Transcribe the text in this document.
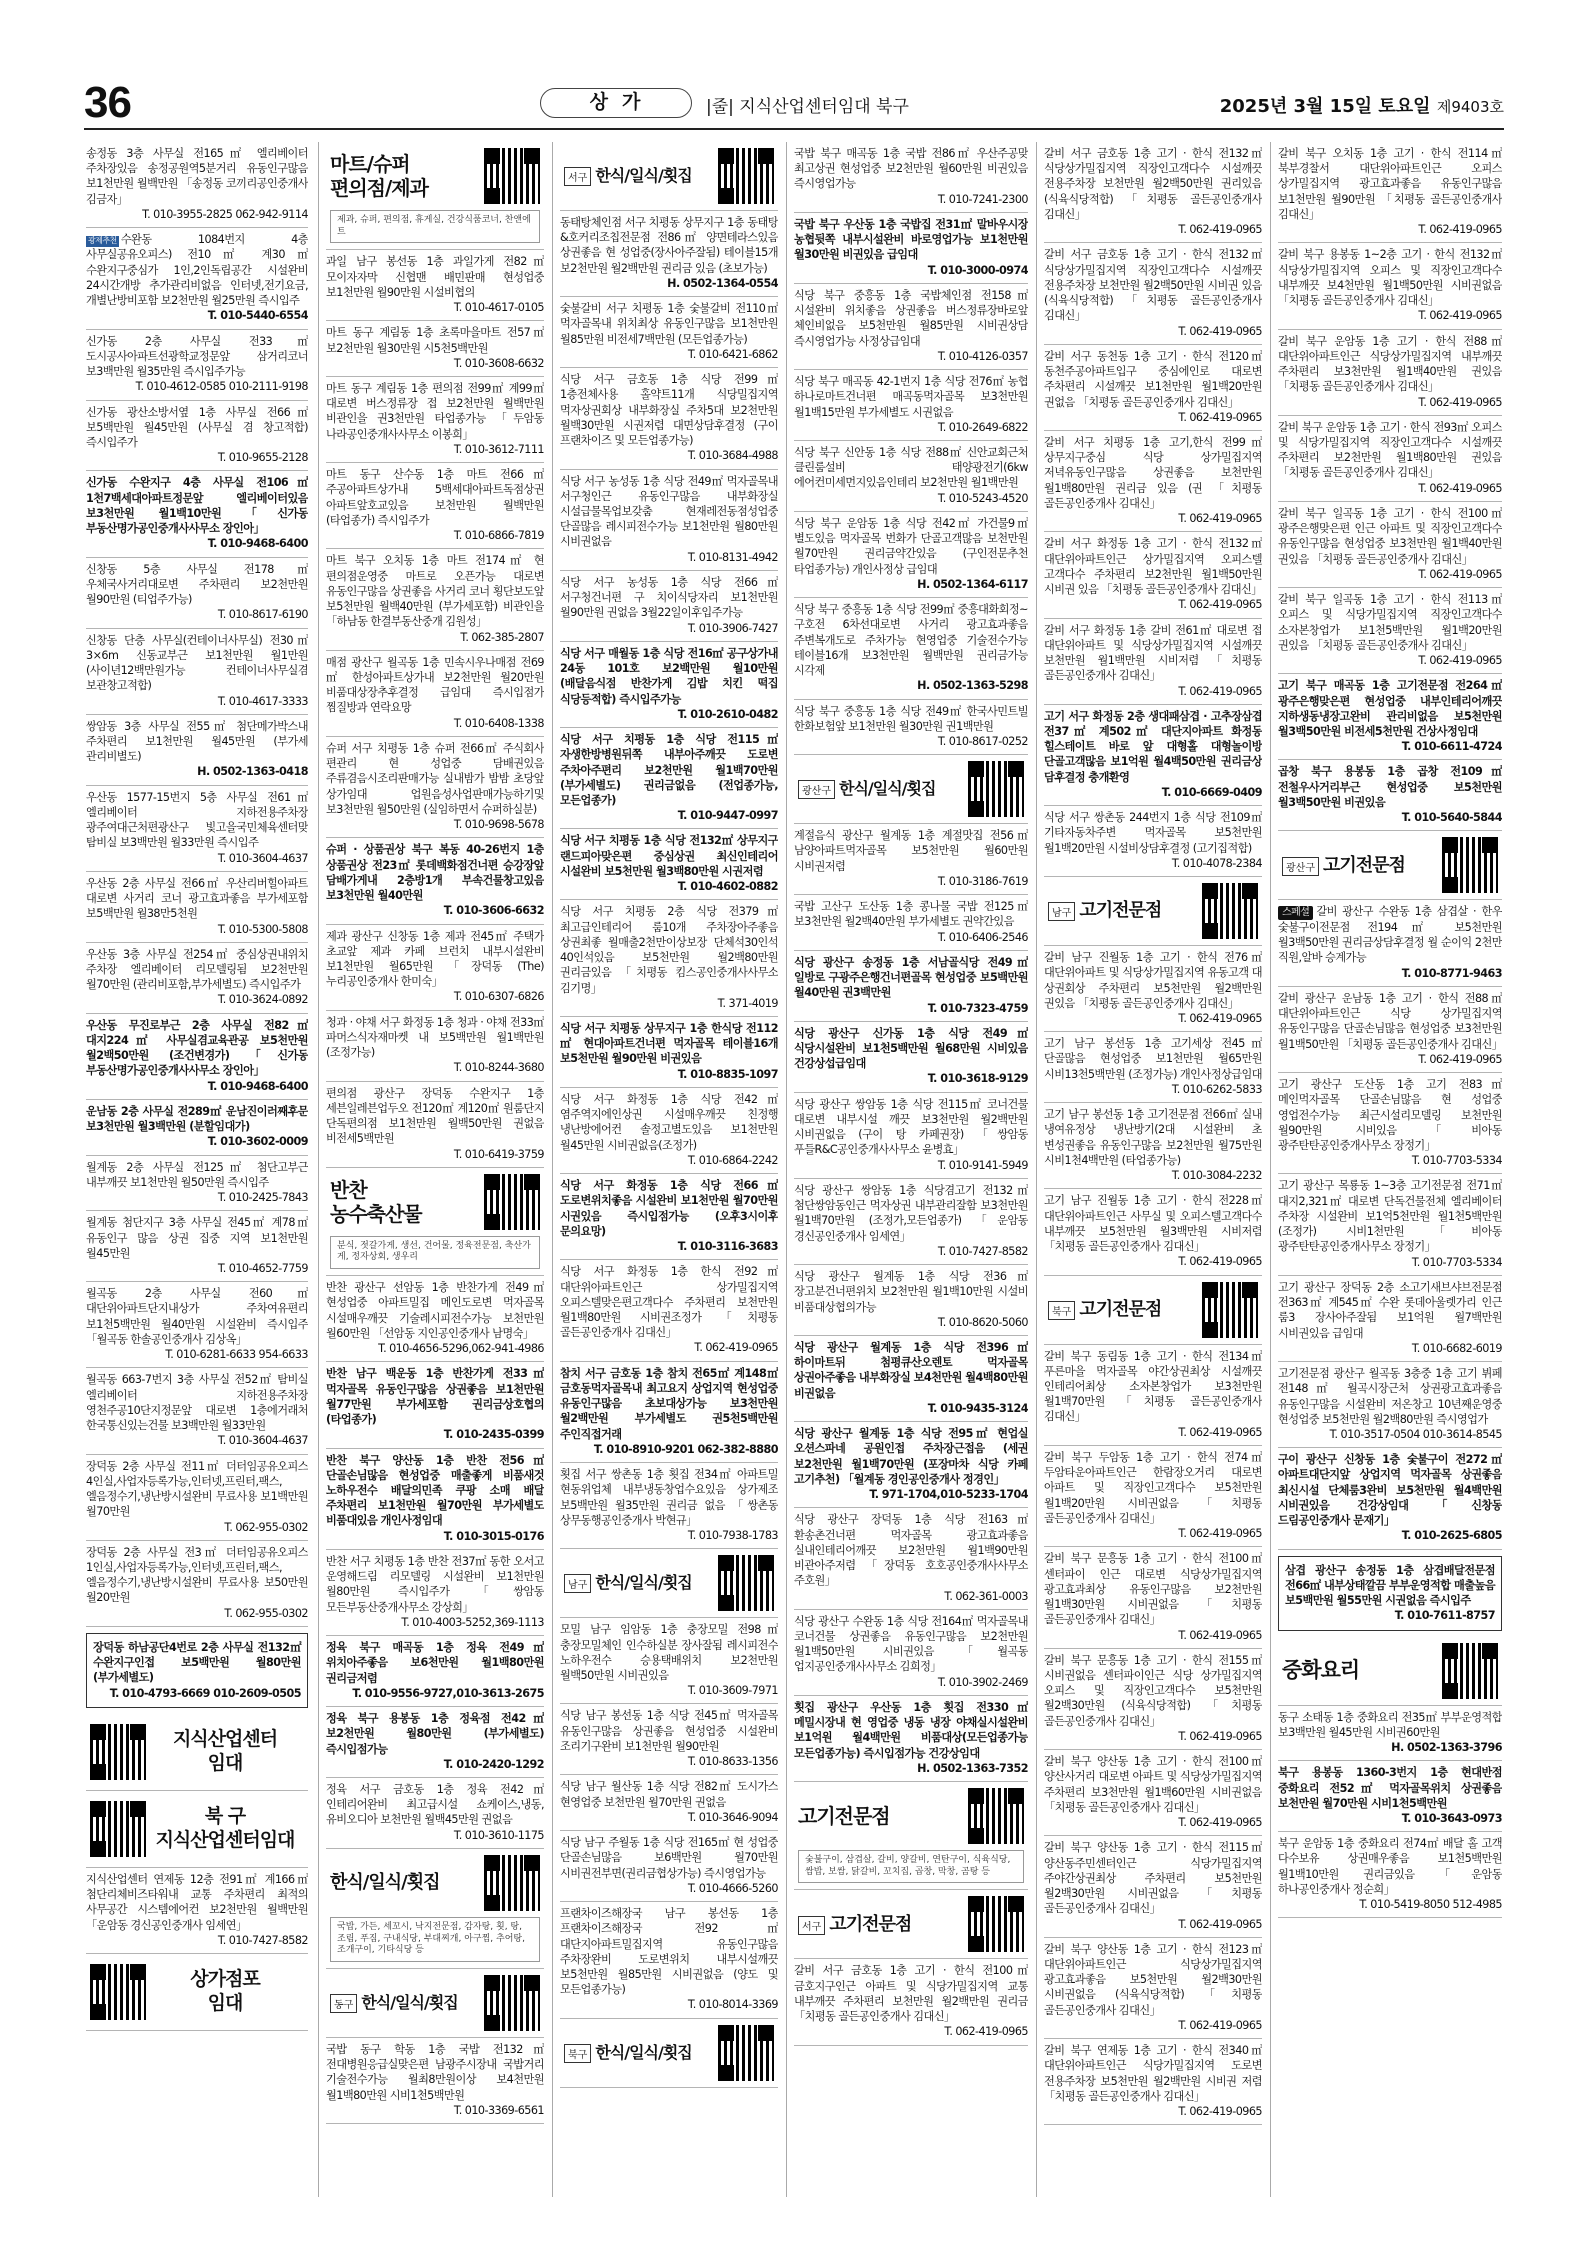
36	상가	|줄| 지식산업센터임대 북구	2025년 3월 15일 토요일 제9403호
송정동 3층 사무실 전165㎡ 엘리베이터 주차장있음 송정공원역5분거리 유동인구많음 보1천만원 월백만원 「송정동 코끼리공인중개사 김금자」
T. 010-3955-2825 062-942-9114
광제추천 수완동 1084번지 4층 사무실공유오피스) 전10㎡ 계30㎡ 수완지구중심가 1인,2인독립공간 시설완비 24시간개방 추가관리비없음 인터넷,전기요금,개별난방비포함 보2천만원 월25만원 즉시입주
T. 010-5440-6554
신가동 2층 사무실 전33㎡ 도시공사아파트선광학교정문앞 삼거리코너 보3백만원 월35만원 즉시입주가능
T. 010-4612-0585 010-2111-9198
신가동 광산소방서옆 1층 사무실 전66㎡ 보5백만원 월45만원 (사무실 겸 창고적합) 즉시입주가
T. 010-9655-2128
신가동 수완지구 4층 사무실 전106㎡ 1천7백세대아파트정문앞 엘리베이터있음 보3천만원 월1백10만원 「신가동 부동산명가공인중개사사무소 장인아」
T. 010-9468-6400
신창동 5층 사무실 전178㎡ 우체국사거리대로변 주차편리 보2천만원 월90만원 (티업주가능)
T. 010-8617-6190
신창동 단층 사무실(컨테이너사무실) 전30㎡ 3×6m 신동교부근 보1천만원 월1만원 (사이년12백만원가능 컨테이너사무실겸 보관창고적합)
T. 010-4617-3333
쌍암동 3층 사무실 전55㎡ 첨단메가박스내 주차편리 보1천만원 월45만원 (부가세 관리비별도)
H. 0502-1363-0418
우산동 1577-15번지 5층 사무실 전61㎡ 엘리베이터 지하전용주차장 광주여대근처편광산구 빛고을국민체육센터맞 탐비실 보3백만원 월33만원 즉시입주
T. 010-3604-4637
우산동 2층 사무실 전66㎡ 우산리버힐아파트 대로변 사거리 코너 광고효과좋음 부가세포함 보5백만원 월38만5천원
T. 010-5300-5808
우산동 3층 사무실 전254㎡ 중심상권내위치 주차장 엘리베이터 리모델링됨 보2천만원 월70만원 (관리비포함,부가세별도) 즉시입주가
T. 010-3624-0892
우산동 무진로부근 2층 사무실 전82㎡ 대지224㎡ 사무실겸교육관공 보5천만원 월2백50만원 (조건변경가) 「신가동 부동산명가공인중개사사무소 장인아」
T. 010-9468-6400
운남동 2층 사무실 전289㎡ 운남진이러째후문 보3천만원 월3백만원 (분할임대가)
T. 010-3602-0009
월계동 2층 사무실 전125㎡ 첨단고부근 내부깨끗 보1천만원 월50만원 즉시입주
T. 010-2425-7843
월계동 첨단지구 3층 사무실 전45㎡ 계78㎡ 유동인구 많음 상권 집중 지역 보1천만원 월45만원
T. 010-4652-7759
월곡동 2층 사무실 전60㎡ 대단위아파트단지내상가 주차여유편리 보1천5백만원 월40만원 시설완비 즉시입주 「월곡동 한솔공인중개사 김상옥」
T. 010-6281-6633 954-6633
월곡동 663-7번지 3층 사무실 전52㎡ 탐비실 엘리베이터 지하전용주차장 영천주공10단지정문앞 대로변 1층에거래처 한국통신있는건물 보3백만원 월33만원
T. 010-3604-4637
장덕동 2층 사무실 전11㎡ 더터임공유오피스 4인실,사업자등록가능,인터넷,프린터,팩스,엘음정수기,냉난방시설완비 무료사용 보1백만원 월70만원
T. 062-955-0302
장덕동 2층 사무실 전3㎡ 더터임공유오피스 1인실,사업자등록가능,인터넷,프린터,팩스,엘음정수기,냉난방시설완비 무료사용 보50만원 월20만원
T. 062-955-0302
장덕동 하남공단4번로 2층 사무실 전132㎡ 수완지구인접 보5백만원 월80만원 (부가세별도)
T. 010-4793-6669 010-2609-0505
지식산업센터
임대
북 구
지식산업센터임대
지식산업센터 연제동 12층 전91㎡ 계166㎡ 첨단리체비즈타워내 교통 주차편리 최적의 사무공간 시스템에어컨 보2천만원 월백만원 「운암동 경신공인중개사 임세연」
T. 010-7427-8582
상가점포
임대
마트/슈퍼
편의점/제과
제과, 슈퍼, 편의점, 휴게실, 건강식품코너, 찬앤에트
과일 남구 봉선동 1층 과일가게 전82㎡ 모이자자막 신협맨 배민판매 현성업중 보1천만원 월90만원 시설비협의
T. 010-4617-0105
마트 동구 계림동 1층 초록마을마트 전57㎡ 보2천만원 월30만원 시5천5백만원
T. 010-3608-6632
마트 동구 계림동 1층 편의점 전99㎡ 계99㎡ 대로변 버스정류장 접 보2천만원 월백만원 비관인을 권3천만원 타업종가능 「두암동 나라공인중개사사무소 이봉희」
T. 010-3612-7111
마트 동구 산수동 1층 마트 전66㎡ 주공아파트상가내 5백세대아파트독점상권 아파트앞호교있음 보천만원 월백만원 (타업종가) 즉시입주가
T. 010-6866-7819
마트 북구 오치동 1층 마트 전174㎡ 현 편의점운영중 마트로 오픈가능 대로변 유동인구많음 상권좋음 사거리 코너 횡단보도앞 보5천만원 월백40만원 (부가세포함) 비관인을 「하남동 한결부동산중개 김원성」
T. 062-385-2807
매점 광산구 월곡동 1층 민속시우나매점 전69㎡ 한성아파트상가내 보2천만원 월20만원 비품대상장추후결정 급임대 즉시입점가 찜질방과 연락요망
T. 010-6408-1338
슈퍼 서구 치평동 1층 슈퍼 전66㎡ 주식회사 편관리 현 성업중 담배권있음 주류겸음시조리판매가능 실내밤가 밤밤 초당앞 상가임대 업원음성사업판매가능하기및 보3천만원 월50만원 (실임하면서 슈퍼하실분)
T. 010-9698-5678
슈퍼 · 상품권상 북구 복동 40-26번지 1층 상품권상 전23㎡ 롯데백화점건너편 승강장앞 담배가게내 2층방1개 부속건물창고있음 보3천만원 월40만원
T. 010-3606-6632
제과 광산구 신창동 1층 제과 전45㎡ 주택가 초교앞 제과 카페 브런치 내부시설완비 보1천만원 월65만원 「장덕동 (The)누리공인중개사 한미숙」
T. 010-6307-6826
청과 · 야채 서구 화정동 1층 청과 · 야채 전33㎡ 파머스식자재마켓 내 보5백만원 월1백만원 (조정가능)
T. 010-8244-3680
편의점 광산구 장덕동 수완지구 1층 세븐일레븐업두오 전120㎡ 계120㎡ 원룸단지 단독편의점 보1천만원 월백50만원 권없음 비전세5백만원
T. 010-6419-3759
반찬
농수축산물
분식, 젓갈가게, 생선, 건어물, 정육전문점, 축산가게, 정자상회, 생우리
반찬 광산구 선암동 1층 반찬가게 전49㎡ 현성업중 아파트밀집 메인도로변 먹자골목 시설매우깨끗 기술레시피전수가능 보천만원 월60만원 「선암동 지인공인중개사 남명숙」
T. 010-4656-5296,062-941-4986
반찬 남구 백운동 1층 반찬가게 전33㎡ 먹자골목 유동인구많음 상권좋음 보1천만원 월77만원 부가세포함 권리금상호협의 (타업종가)
T. 010-2435-0399
반찬 북구 양산동 1층 반찬 전56㎡ 단골손님많음 현성업중 매출좋게 비품새것 노하우전수 배달의민족 쿠팡 소매 배달 주차편리 보1천만원 월70만원 부가세별도 비품대있음 개인사정임대
T. 010-3015-0176
반찬 서구 치평동 1층 반찬 전37㎡ 동한 오서고 운영해드림 리모델링 시설완비 보1천만원 월80만원 즉시입주가 「쌍암동 모든부동산중개사무소 강상희」
T. 010-4003-5252,369-1113
정육 북구 매곡동 1층 정육 전49㎡ 위치아주좋음 보6천만원 월1백80만원 권리금저렴
T. 010-9556-9727,010-3613-2675
정육 북구 용봉동 1층 정육점 전42㎡ 보2천만원 월80만원 (부가세별도) 즉시입점가능
T. 010-2420-1292
정육 서구 금호동 1층 정육 전42㎡ 인테리어완비 최고급시설 쇼케이스,냉동,유비오디아 보천만원 월백45만원 권없음
T. 010-3610-1175
한식/일식/횟집
국밥, 가든, 세꼬시, 낙지전문점, 감자탕, 횟, 탕, 조림, 푸짐, 구내식당, 부대찌개, 아구찜, 추어탕, 조개구이, 기타식당 등
동구 한식/일식/횟집
국밥 동구 학동 1층 국밥 전132㎡ 전대병원응급실맞은편 남광주시장내 국밥거리 기술전수가능 월최8만원이상 보4천만원 월1백80만원 시비1천5백만원
T. 010-3369-6561
서구 한식/일식/횟집
동태탕체인점 서구 치평동 상무지구 1층 동태탕&호커리조칩전문점 전86㎡ 양면테라스있음 상권좋음 현 성업중(장사아주잘됨) 테이블15개 보2천만원 월2백만원 권리금 있음 (초보가능)
H. 0502-1364-0554
숯불갈비 서구 치평동 1층 숯불갈비 전110㎡ 먹자골목내 위치최상 유동인구많음 보1천만원 월85만원 비전세7백만원 (모든업종가능)
T. 010-6421-6862
식당 서구 금호동 1층 식당 전99㎡ 1층전체사용 홀약트11개 식당밀집지역 먹자상권회상 내부화장실 주차5대 보2천만원 월백30만원 시권저렴 대면상담후결정 (구이 프랜차이즈 및 모든업종가능)
T. 010-3684-4988
식당 서구 농성동 1층 식당 전49㎡ 먹자골목내 서구청인근 유동인구많음 내부화장실 시설급물목업보갖춤 현재레전동점성업중 단골많음 레시피전수가능 보1천만원 월80만원 시비권없음
T. 010-8131-4942
식당 서구 농성동 1층 식당 전66㎡ 서구청건너편 구 치이식당자리 보1천만원 월90만원 권없음 3월22일이후입주가능
T. 010-3906-7427
식당 서구 매월동 1층 식당 전16㎡ 공구상가내 24동 101호 보2백만원 월10만원 (배달음식점 반찬가게 김밥 치킨 떡집 식당등적합) 즉시입주가능
T. 010-2610-0482
식당 서구 치평동 1층 식당 전115㎡ 자생한방병원뒤쪽 내부아주깨끗 도로변 주차아주편리 보2천만원 월1백70만원 (부가세별도) 권리금없음 (전업종가능, 모든업종가)
T. 010-9447-0997
식당 서구 치평동 1층 식당 전132㎡ 상무지구 랜드피아맞은편 중심상권 최신인테리어 시설완비 보5천만원 월3백80만원 시권저렴
T. 010-4602-0882
식당 서구 치평동 2층 식당 전379㎡ 최고급인테리어 룸10개 주차장아주좋음 상권최좋 월매출2천만이상보장 단체석30인석 40인석있음 보5천만원 월2백80만원 권리금있음 「치평동 킴스공인중개사사무소 김기명」
T. 371-4019
식당 서구 치평동 상무지구 1층 한식당 전112㎡ 현대아파트건너편 먹자골목 테이블16개 보5천만원 월90만원 비권있음
T. 010-8835-1097
식당 서구 화정동 1층 식당 전42㎡ 염주역지에인상권 시설매우깨끗 친정행 냉난방에어컨 솔정고별도있음 보1천만원 월45만원 시비권없음(조정가)
T. 010-6864-2242
식당 서구 화정동 1층 식당 전66㎡ 도로변위치좋음 시설완비 보1천만원 월70만원 시권있음 즉시입점가능 (오후3시이후 문의요망)
T. 010-3116-3683
식당 서구 화정동 1층 한식 전92㎡ 대단위아파트인근 상가밀집지역 오피스텔맞은편고객다수 주차편리 보천만원 월1백80만원 시비권조정가 「치평동 골든공인중개사 김대신」
T. 062-419-0965
참치 서구 금호동 1층 참치 전65㎡ 계148㎡ 금호동먹자골목내 최고요지 상업지역 현성업중 유동인구많음 초보대상가능 보3천만원 월2백만원 부가세별도 권5천5백만원 주인직접거래
T. 010-8910-9201 062-382-8880
횟집 서구 쌍촌동 1층 횟집 전34㎡ 아파트밀 현동위업체 내부냉동창업수요있음 상가제조 보5백만원 월35만원 권리금 없음 「쌍촌동 상무동행공인중개사 박현규」
T. 010-7938-1783
남구 한식/일식/횟집
모밀 남구 임암동 1층 충장모밀 전98㎡ 충장모밀체인 인수하실분 장사잘됨 레시피전수 노하우전수 승용택배위치 보2천만원 월백50만원 시비권있음
T. 010-3609-7971
식당 남구 봉선동 1층 식당 전45㎡ 먹자골목 유동인구많음 상권좋음 현성업중 시설완비 조리기구완비 보1천만원 월90만원
T. 010-8633-1356
식당 남구 월산동 1층 식당 전82㎡ 도시가스 현영업중 보천만원 월70만원 권없음
T. 010-3646-9094
식당 남구 주월동 1층 식당 전165㎡ 현 성업중 단골손님많음 보6백만원 월70만원 시비권전부면(권리금협상가능) 즉시영업가능
T. 010-4666-5260
프랜차이즈해장국 남구 봉선동 1층 프랜차이즈해장국 전92㎡ 대단지아파트밀집지역 유동인구많음 주차장완비 도로변위치 내부시설깨끗 보5천만원 월85만원 시비권없음 (양도 및 모든업종가능)
T. 010-8014-3369
북구 한식/일식/횟집
국밥 북구 매곡동 1층 국밥 전86㎡ 우산주공맞 최고상권 현성업중 보2천만원 월60만원 비권있음 즉시영업가능
T. 010-7241-2300
국밥 북구 우산동 1층 국밥집 전31㎡ 말바우시장 농협뒷쪽 내부시설완비 바로영업가능 보1천만원 월30만원 비권있음 급임대
T. 010-3000-0974
식당 북구 중흥동 1층 국밥체인점 전158㎡ 시설완비 위치좋음 상권좋음 버스정류장바로앞 체인비없음 보5천만원 월85만원 시비권상담 즉시영업가능 사정상급임대
T. 010-4126-0357
식당 북구 매곡동 42-1번지 1층 식당 전76㎡ 농협 하나로마트건너편 매곡동먹자골목 보3천만원 월1백15만원 부가세별도 시권없음
T. 010-2649-6822
식당 북구 신안동 1층 식당 전88㎡ 신안교회근처 클린룸설비 태양광전기(6kw 에어컨미세먼지있음인테리 보2천만원 월1백만원
T. 010-5243-4520
식당 북구 운암동 1층 식당 전42㎡ 가건물9㎡별도있음 먹자골목 번화가 단골고객많음 보천만원 월70만원 권리금약간있음 (구인전문추천 타업종가능) 개인사정상 급임대
H. 0502-1364-6117
식당 북구 중흥동 1층 식당 전99㎡ 중흥대화회정~구호전 6차선대로변 사거리 광고효과좋음 주변복개도로 주차가능 현영업중 기술전수가능 테이블16개 보3천만원 월백만원 권리금가능 시각제
H. 0502-1363-5298
식당 북구 중흥동 1층 식당 전49㎡ 한국사민트빌 한화보험앞 보1천만원 월30만원 권1백만원
T. 010-8617-0252
광산구 한식/일식/횟집
계절음식 광산구 월계동 1층 계절맛집 전56㎡ 남양아파트먹자골목 보5천만원 월60만원 시비권저렴
T. 010-3186-7619
국밥 고산구 도산동 1층 콩나물 국밥 전125㎡ 보3천만원 월2백40만원 부가세별도 권약간있음
T. 010-6406-2546
식당 광산구 송정동 1층 서남골식당 전49㎡ 일방로 구광주은행건너편골목 현성업중 보5백만원 월40만원 권3백만원
T. 010-7323-4759
식당 광산구 신가동 1층 식당 전49㎡ 식당시설완비 보1천5백만원 월68만원 시비있음 건강상섭급임대
T. 010-3618-9129
식당 광산구 쌍암동 1층 식당 전115㎡ 코너건물 대로변 내부시설 깨끗 보3천만원 월2백만원 시비권없음 (구이 탕 카페권장) 「쌍암동 푸들R&C공인중개사사무소 윤병효」
T. 010-9141-5949
식당 광산구 쌍암동 1층 식당겸고기 전132㎡ 첨단쌍암동인근 먹자상권 내부관리잘함 보3천만원 월1백70만원 (조정가,모든업종가) 「운암동 경신공인중개사 임세연」
T. 010-7427-8582
식당 광산구 월계동 1층 식당 전36㎡ 장고분건너편위치 보2천만원 월1백10만원 시설비 비품대상협의가능
T. 010-8620-5060
식당 광산구 월계동 1층 식당 전396㎡ 하이마트뒤 첨평큐산오렌토 먹자골목 상권아주좋음 내부화장실 보4천만원 월4백80만원 비권없음
T. 010-9435-3124
식당 광산구 월계동 1층 식당 전95㎡ 현업실 오션스파네 공원인접 주차장근접음 (세권 보2천만원 월1백70만원 (포장마차 식당 카페 고기추천) 「월계동 경인공인중개사 정경인」
T. 971-1704,010-5233-1704
식당 광산구 장덕동 1층 식당 전163㎡ 환송촌건너편 먹자골목 광고효과좋음 실내인테리어깨끗 보2천만원 월1백90만원 비관아주저렴 「장덕동 호호공인중개사사무소 주호원」
T. 062-361-0003
식당 광산구 수완동 1층 식당 전164㎡ 먹자골목내 코너건물 상권좋음 유동인구많음 보2천만원 월1백50만원 시비권있음 「월곡동 업지공인중개사사무소 김희정」
T. 010-3902-2469
횟집 광산구 우산동 1층 횟집 전330㎡ 메밀시장내 현 영업중 냉동 냉장 야채실시설완비 보1억원 월4백만원 비품대상(모든업종가능 모든업종가능) 즉시입점가능 건강상임대
H. 0502-1363-7352
고기전문점
숯불구이, 삼겹살, 갈비, 양갈비, 연탄구이, 식육식당, 쌈밥, 보쌈, 닭갈비, 꼬치집, 곱창, 막창, 곰탕 등
서구 고기전문점
갈비 서구 금호동 1층 고기 · 한식 전100㎡ 금호지구인근 아파트 및 식당가밀집지역 교통 내부깨끗 주차편리 보천만원 월2백만원 권리금 「치평동 골든공인중개사 김대신」
T. 062-419-0965
갈비 서구 금호동 1층 고기 · 한식 전132㎡ 식당상가밀집지역 직장인고객다수 시설깨끗 전용주차장 보천만원 월2백50만원 권리있음 (식육식당적합) 「치평동 골든공인중개사 김대신」
T. 062-419-0965
갈비 서구 금호동 1층 고기 · 한식 전132㎡ 식당상가밀집지역 직장인고객다수 시설깨끗 전용주차장 보천만원 월2백50만원 시비권 있음 (식육식당적합) 「치평동 골든공인중개사 김대신」
T. 062-419-0965
갈비 서구 동천동 1층 고기 · 한식 전120㎡ 동천주공아파트입구 중심에인로 대로변 주차편리 시설깨끗 보1천만원 월1백20만원 권없음 「치평동 골든공인중개사 김대신」
T. 062-419-0965
갈비 서구 치평동 1층 고기,한식 전99㎡ 상무지구중심 식당 상가밀집지역 저녁유동인구많음 상권좋음 보천만원 월1백80만원 권리금 있음 (권 「치평동 골든공인중개사 김대신」
T. 062-419-0965
갈비 서구 화정동 1층 고기 · 한식 전132㎡ 대단위아파트인근 상가밀집지역 오피스텔 고객다수 주차편리 보2천만원 월1백50만원 시비권 있음 「치평동 골든공인중개사 김대신」
T. 062-419-0965
갈비 서구 화정동 1층 갈비 전61㎡ 대로변 접 대단위아파트 및 식당상가밀집지역 시설깨끗 보천만원 월1백만원 시비저렴 「치평동 골든공인중개사 김대신」
T. 062-419-0965
고기 서구 화정동 2층 생대패삼겹 · 고추장삼겹 전37㎡ 계502㎡ 대단지아파트 화정동 힐스테이트 바로 앞 대형홀 대형놀이방 단골고객많음 보1억원 월4백50만원 권리금상 담후결정 충개환영
T. 010-6669-0409
식당 서구 쌍촌동 244번지 1층 식당 전109㎡ 기타자동차주변 먹자골목 보5천만원 월1백20만원 시설비상담후결정 (고기집적합)
T. 010-4078-2384
남구 고기전문점
갈비 남구 진월동 1층 고기 · 한식 전76㎡ 대단위아파트 및 식당상가밀집지역 유동고객 대 상권회상 주차편리 보5천만원 월2백만원 권있음 「치평동 골든공인중개사 김대신」
T. 062-419-0965
고기 남구 봉선동 1층 고기세상 전45㎡ 단골많음 현성업중 보1천만원 월65만원 시비13천5백만원 (조정가능) 개인사정상급임대
T. 010-6262-5833
고기 남구 봉선동 1층 고기전문점 전66㎡ 실내 냉여유정상 냉난방기(2대 시설완비 초 변성권좋음 유동인구많음 보2천만원 월75만원 시비1천4백만원 (타업종가능)
T. 010-3084-2232
고기 남구 진월동 1층 고기 · 한식 전228㎡ 대단위아파트인근 사무실 및 오피스텔고객다수 내부깨끗 보5천만원 월3백만원 시비저렴 「치평동 골든공인중개사 김대신」
T. 062-419-0965
북구 고기전문점
갈비 북구 동림동 1층 고기 · 한식 전134㎡ 푸른마을 먹자골목 야간상권최상 시설깨끗 인테리어최상 소자본창업가 보3천만원 월1백70만원 「치평동 골든공인중개사 김대신」
T. 062-419-0965
갈비 북구 두암동 1층 고기 · 한식 전74㎡ 두암타운아파트인근 한람장오거리 대로변 아파트 및 직장인고객다수 보5천만원 월1백20만원 시비권없음 「치평동 골든공인중개사 김대신」
T. 062-419-0965
갈비 북구 문흥동 1층 고기 · 한식 전100㎡ 센터파이 인근 대로변 식당상가밀집지역 광고효과최상 유동인구많음 보2천만원 월1백30만원 시비권없음 「치평동 골든공인중개사 김대신」
T. 062-419-0965
갈비 북구 문흥동 1층 고기 · 한식 전155㎡ 시비권없음 센터파이인근 식당 상가밀집지역 오피스 및 직장인고객다수 보5천만원 월2백30만원 (식육식당적합) 「치평동 골든공인중개사 김대신」
T. 062-419-0965
갈비 북구 양산동 1층 고기 · 한식 전100㎡ 양산사거리 대로변 아파트 및 식당상가밀집지역 주차편리 보3천만원 월1백60만원 시비권없음 「치평동 골든공인중개사 김대신」
T. 062-419-0965
갈비 북구 양산동 1층 고기 · 한식 전115㎡ 양산동주민센터인근 식당가밀집지역 주야간상권최상 주차편리 보5천만원 월2백30만원 시비권없음 「치평동 골든공인중개사 김대신」
T. 062-419-0965
갈비 북구 양산동 1층 고기 · 한식 전123㎡ 대단위아파트인근 식당상가밀집지역 광고효과좋음 보5천만원 월2백30만원 시비권없음 (식육식당적합) 「치평동 골든공인중개사 김대신」
T. 062-419-0965
갈비 북구 연제동 1층 고기 · 한식 전340㎡ 대단위아파트인근 식당가밀집지역 도로변 전용주차장 보5천만원 월2백만원 시비권 저렴 「치평동 골든공인중개사 김대신」
T. 062-419-0965
갈비 북구 오치동 1층 고기 · 한식 전114㎡ 북부경찰서 대단위아파트인근 오피스 상가밀집지역 광고효과좋음 유동인구많음 보1천만원 월90만원 「치평동 골든공인중개사 김대신」
T. 062-419-0965
갈비 북구 용봉동 1~2층 고기 · 한식 전132㎡ 식당상가밀집지역 오피스 및 직장인고객다수 내부깨끗 보4천만원 월1백50만원 시비권없음 「치평동 골든공인중개사 김대신」
T. 062-419-0965
갈비 북구 운암동 1층 고기 · 한식 전88㎡ 대단위아파트인근 식당상가밀집지역 내부깨끗 주차편리 보3천만원 월1백40만원 권있음 「치평동 골든공인중개사 김대신」
T. 062-419-0965
갈비 북구 운암동 1층 고기 · 한식 전93㎡ 오피스 및 식당가밀집지역 직장인고객다수 시설깨끗 주차편리 보2천만원 월1백80만원 권있음 「치평동 골든공인중개사 김대신」
T. 062-419-0965
갈비 북구 일곡동 1층 고기 · 한식 전100㎡ 광주은행맞은편 인근 아파트 및 직장인고객다수 유동인구많음 현성업중 보3천만원 월1백40만원 권있음 「치평동 골든공인중개사 김대신」
T. 062-419-0965
갈비 북구 일곡동 1층 고기 · 한식 전113㎡ 오피스 및 식당가밀집지역 직장인고객다수 소자본창업가 보1천5백만원 월1백20만원 권있음 「치평동 골든공인중개사 김대신」
T. 062-419-0965
고기 북구 매곡동 1층 고기전문점 전264㎡ 광주은행맞은편 현성업중 내부인테리어깨끗 지하생동냉장고완비 관리비없음 보5천만원 월3백50만원 비전세5천만원 건상사정임대
T. 010-6611-4724
곱창 북구 용봉동 1층 곱창 전109㎡ 전철우사거리부근 현성업중 보5천만원 월3백50만원 비권있음
T. 010-5640-5844
광산구 고기전문점
스페셜 갈비 광산구 수완동 1층 삼겹살 · 한우 숯불구이전문점 전194㎡ 보5천만원 월3백50만원 권리금상담후결정 월 순이익 2천만 직원,알바 승계가능
T. 010-8771-9463
갈비 광산구 운남동 1층 고기 · 한식 전88㎡ 대단위아파트인근 식당 상가밀집지역 유동인구많음 단골손님많음 현성업중 보3천만원 월1백50만원 「치평동 골든공인중개사 김대신」
T. 062-419-0965
고기 광산구 도산동 1층 고기 전83㎡ 메인먹자골목 단골손님많음 현 성업중 영업전수가능 최근시설리모델링 보천만원 월90만원 시비있음 「비아동 광주탄탄공인중개사무소 장정기」
T. 010-7703-5334
고기 광산구 목룡동 1~3층 고기전문점 전71㎡ 대지2,321㎡ 대로변 단독건물전체 엘리베이터 주차장 시설완비 보1억5천만원 월1천5백만원 (조정가) 시비1천만원 「비아동 광주탄탄공인중개사무소 장정기」
T. 010-7703-5334
고기 광산구 장덕동 2층 소고기새브샤브전문점 전363㎡ 계545㎡ 수완 롯데아울렛가리 인근 룸3 장사아주잘됨 보1억원 월7백만원 시비권있음 급임대
T. 010-6682-6019
고기전문점 광산구 월곡동 3층중 1층 고기 뷔페 전148㎡ 월곡시장근처 상권광고효과좋음 유동인구많음 시설완비 저온창고 10년째운영중 현성업중 보5천만원 월2백80만원 즉시영업가
T. 010-3517-0504 010-3614-8545
구이 광산구 신창동 1층 숯불구이 전272㎡ 아파트대단지앞 상업지역 먹자골목 상권좋음 최신시설 단체룸3완비 보5천만원 월4백만원 시비권있음 건강상임대 「신창동 드림공인중개사 문재기」
T. 010-2625-6805
삼겹 광산구 송정동 1층 삼겹배달전문점 전66㎡ 내부상태깔끔 부부운영적합 매출높음 보5백만원 월55만원 시권없음 즉시입주
T. 010-7611-8757
중화요리
동구 소태동 1층 중화요리 전35㎡ 부부운영적합 보3백만원 월45만원 시비권60만원
H. 0502-1363-3796
북구 용봉동 1360-3번지 1층 현대반점 중화요리 전52㎡ 먹자골목위치 상권좋음 보천만원 월70만원 시비1천5백만원
T. 010-3643-0973
북구 운암동 1층 중화요리 전74㎡ 배달 홀 고객 다수보유 상권매우좋음 보1천5백만원 월1백10만원 권리금있음 「운암동 하나공인중개사 정순희」
T. 010-5419-8050 512-4985
